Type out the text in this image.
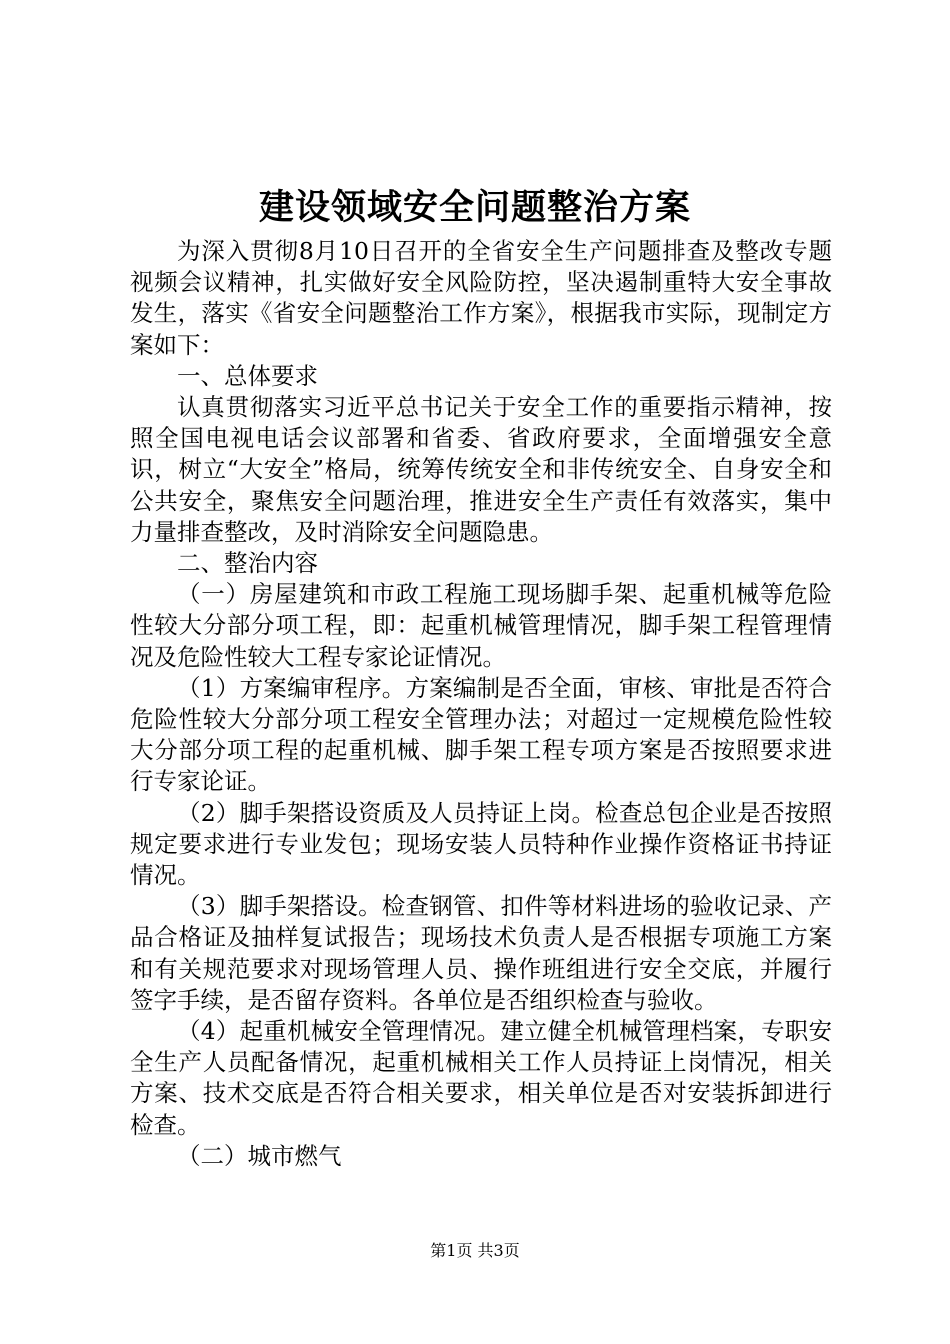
建设领域安全问题整治方案

为深入贯彻8月10日召开的全省安全生产问题排查及整改专题视频会议精神，扎实做好安全风险防控，坚决遏制重特大安全事故发生，落实《省安全问题整治工作方案》，根据我市实际，现制定方案如下：

一、总体要求

认真贯彻落实习近平总书记关于安全工作的重要指示精神，按照全国电视电话会议部署和省委、省政府要求，全面增强安全意识，树立“大安全”格局，统筹传统安全和非传统安全、自身安全和公共安全，聚焦安全问题治理，推进安全生产责任有效落实，集中力量排查整改，及时消除安全问题隐患。

二、整治内容

（一）房屋建筑和市政工程施工现场脚手架、起重机械等危险性较大分部分项工程，即：起重机械管理情况，脚手架工程管理情况及危险性较大工程专家论证情况。

（1）方案编审程序。方案编制是否全面，审核、审批是否符合危险性较大分部分项工程安全管理办法；对超过一定规模危险性较大分部分项工程的起重机械、脚手架工程专项方案是否按照要求进行专家论证。

（2）脚手架搭设资质及人员持证上岗。检查总包企业是否按照规定要求进行专业发包；现场安装人员特种作业操作资格证书持证情况。

（3）脚手架搭设。检查钢管、扣件等材料进场的验收记录、产品合格证及抽样复试报告；现场技术负责人是否根据专项施工方案和有关规范要求对现场管理人员、操作班组进行安全交底，并履行签字手续，是否留存资料。各单位是否组织检查与验收。

（4）起重机械安全管理情况。建立健全机械管理档案，专职安全生产人员配备情况，起重机械相关工作人员持证上岗情况，相关方案、技术交底是否符合相关要求，相关单位是否对安装拆卸进行检查。

（二）城市燃气

第1页 共3页
